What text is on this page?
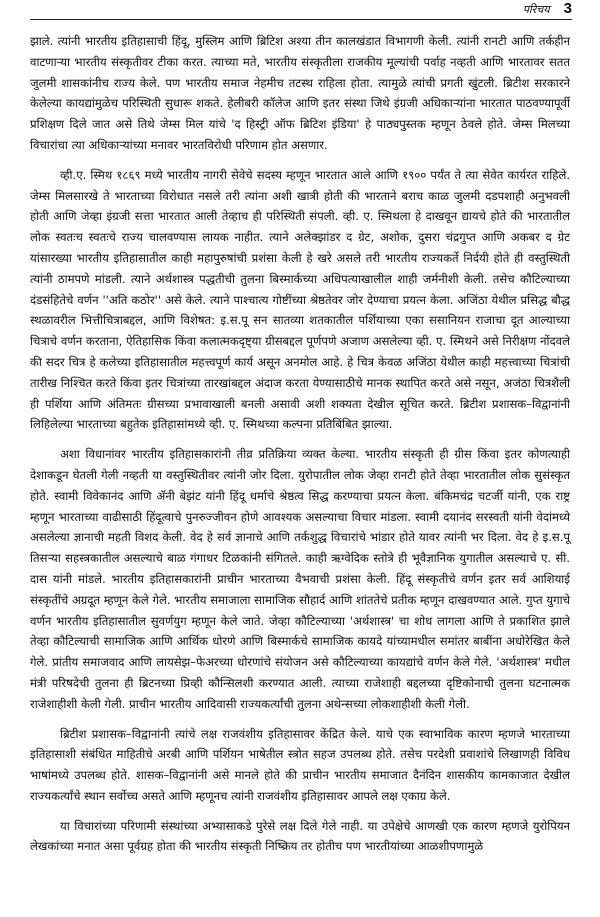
परिचय 3

झाले. त्यांनी भारतीय इतिहासाची हिंदू, मुस्लिम आणि ब्रिटिश अश्या तीन कालखंडात विभागणी केली. त्यांनी रानटी आणि तर्कहीन वाटणाऱ्या भारतीय संस्कृतीवर टीका करत. त्याच्या मते, भारतीय संस्कृतीला राजकीय मूल्यांची पर्वाह नव्हती आणि भारतावर सतत जुलमी शासकांनीच राज्य केले. पण भारतीय समाज नेहमीच तटस्थ राहिला होता. त्यामुळे त्यांची प्रगती खुंटली. ब्रिटीश सरकारने केलेल्या कायद्यांमुळेच परिस्थिती सुधारू शकते. हेलीबरी कॉलेज आणि इतर संस्था जिथे इंग्रजी अधिकाऱ्यांना भारतात पाठवण्यापूर्वी प्रशिक्षण दिले जात असे तिथे जेम्स मिल यांचे 'द हिस्ट्री ऑफ ब्रिटिश इंडिया' हे पाठ्यपुस्तक म्हणून ठेवले होते. जेम्स मिलच्या विचारांचा त्या अधिकाऱ्यांच्या मनावर भारतविरोधी परिणाम होत असणार.

व्ही.ए. स्मिथ १८६९ मध्ये भारतीय नागरी सेवेचे सदस्य म्हणून भारतात आले आणि १९०० पर्यंत ते त्या सेवेत कार्यरत राहिले. जेम्स मिलसारखे ते भारताच्या विरोधात नसले तरी त्यांना अशी खात्री होती की भारताने बराच काळ जुलमी दडपशाही अनुभवली होती आणि जेव्हा इंग्रजी सत्ता भारतात आली तेव्हाच ही परिस्थिती संपली. व्ही. ए. स्मिथला हे दाखवून द्यायचे होते की भारतातील लोक स्वतःच स्वतःचे राज्य चालवण्यास लायक नाहीत. त्याने अलेक्झांडर द ग्रेट, अशोक, दुसरा चंद्रगुप्त आणि अकबर द ग्रेट यांसारख्या भारतीय इतिहासातील काही महापुरुषांची प्रशंसा केली हे खरे असले तरी भारतीय राज्यकर्ते निर्दयी होते ही वस्तुस्थिती त्यांनी ठामपणे मांडली. त्याने अर्थशास्त्र पद्धतीची तुलना बिस्मार्कच्या अधिपत्याखालील शाही जर्मनीशी केली. तसेच कौटिल्याच्या दंडसंहितेचे वर्णन ''अति कठोर'' असे केले. त्याने पाश्चात्य गोष्टींच्या श्रेष्ठतेवर जोर देण्याचा प्रयत्न केला. अजिंठा येथील प्रसिद्ध बौद्ध स्थळावरील भित्तीचित्राबद्दल, आणि विशेषत: इ.स.पू सन सातव्या शतकातील पर्शियाच्या एका ससानियन राजाचा दूत आल्याच्या चित्राचे वर्णन करताना, ऐतिहासिक किंवा कलात्मकदृष्ट्या ग्रीसबद्दल पूर्णपणे अजाण असलेल्या व्ही. ए. स्मिथने असे निरीक्षण नोंदवले की सदर चित्र हे कलेच्या इतिहासातील महत्त्वपूर्ण कार्य असून अनमोल आहे. हे चित्र केवळ अजिंठा येथील काही महत्त्वाच्या चित्रांची तारीख निश्चित करते किंवा इतर चित्रांच्या तारखांबद्दल अंदाज करता येण्यासाठीचे मानक स्थापित करते असे नसून, अजंठा चित्रशैली ही पर्शिया आणि अंतिमतः ग्रीसच्या प्रभावाखाली बनली असावी अशी शक्यता देखील सूचित करते. ब्रिटीश प्रशासक–विद्वानांनी लिहिलेल्या भारताच्या बहुतेक इतिहासांमध्ये व्ही. ए. स्मिथच्या कल्पना प्रतिबिंबित झाल्या.

अशा विधानांवर भारतीय इतिहासकारांनी तीव्र प्रतिक्रिया व्यक्त केल्या. भारतीय संस्कृती ही ग्रीस किंवा इतर कोणत्याही देशाकडून घेतली गेली नव्हती या वस्तुस्थितीवर त्यांनी जोर दिला. युरोपातील लोक जेव्हा रानटी होते तेव्हा भारतातील लोक सुसंस्कृत होते. स्वामी विवेकानंद आणि ॲनी बेझंट यांनी हिंदू धर्माचे श्रेष्ठत्व सिद्ध करण्याचा प्रयत्न केला. बंकिमचंद्र चटर्जी यांनी, एक राष्ट्र म्हणून भारताच्या वाढीसाठी हिंदूत्वाचे पुनरुज्जीवन होणे आवश्यक असल्याचा विचार मांडला. स्वामी दयानंद सरस्वती यांनी वेदांमध्ये असलेल्या ज्ञानाची महती विशद केली. वेद हे सर्व ज्ञानाचे आणि तर्कशुद्ध विचारांचे भांडार होते यावर त्यांनी भर दिला. वेद हे इ.स.पू तिसऱ्या सहस्त्रकातील असल्याचे बाळ गंगाधर टिळकांनी संगितले. काही ऋग्वेदिक स्तोत्रे ही भूवैज्ञानिक युगातील असल्याचे ए. सी. दास यांनी मांडले. भारतीय इतिहासकारांनी प्राचीन भारताच्या वैभवाची प्रशंसा केली. हिंदू संस्कृतीचे वर्णन इतर सर्व आशियाई संस्कृतींचे अग्रदूत म्हणून केले गेले. भारतीय समाजाला सामाजिक सौहार्द आणि शांततेचे प्रतीक म्हणून दाखवण्यात आले. गुप्त युगाचे वर्णन भारतीय इतिहासातील सुवर्णयुग म्हणून केले जाते. जेव्हा कौटिल्याच्या 'अर्थशास्त्र' चा शोध लागला आणि ते प्रकाशित झाले तेव्हा कौटिल्याची सामाजिक आणि आर्थिक धोरणे आणि बिस्मार्कचे सामाजिक कायदे यांच्यामधील समांतर बाबींना अधोरेखित केले गेले. प्रांतीय समाजवाद आणि लायसेझ–फेअरच्या धोरणांचे संयोजन असे कौटिल्याच्या कायद्यांचे वर्णन केले गेले. 'अर्थशास्त्र' मधील मंत्री परिषदेची तुलना ही ब्रिटनच्या प्रिव्ही कौन्सिलशी करण्यात आली. त्याच्या राजेशाही बद्दलच्या दृष्टिकोनाची तुलना घटनात्मक राजेशाहीशी केली गेली. प्राचीन भारतीय आदिवासी राज्यकर्त्यांची तुलना अथेन्सच्या लोकशाहीशी केली गेली.

ब्रिटीश प्रशासक–विद्वानांनी त्यांचे लक्ष राजवंशीय इतिहासावर केंद्रित केले. याचे एक स्वाभाविक कारण म्हणजे भारताच्या इतिहासाशी संबंधित माहितीचे अरबी आणि पर्शियन भाषेतील स्त्रोत सहज उपलब्ध होते. तसेच परदेशी प्रवाशांचे लिखाणही विविध भाषांमध्ये उपलब्ध होते. शासक–विद्वानांनी असे मानले होते की प्राचीन भारतीय समाजात दैनंदिन शासकीय कामकाजात देखील राज्यकर्त्यांचे स्थान सर्वोच्च असते आणि म्हणूनच त्यांनी राजवंशीय इतिहासावर आपले लक्ष एकाग्र केले.

या विचारांच्या परिणामी संस्थांच्या अभ्यासाकडे पुरेसे लक्ष दिले गेले नाही. या उपेक्षेचे आणखी एक कारण म्हणजे युरोपियन लेखकांच्या मनात असा पूर्वग्रह होता की भारतीय संस्कृती निष्क्रिय तर होतीच पण भारतीयांच्या आळशीपणामुळे
